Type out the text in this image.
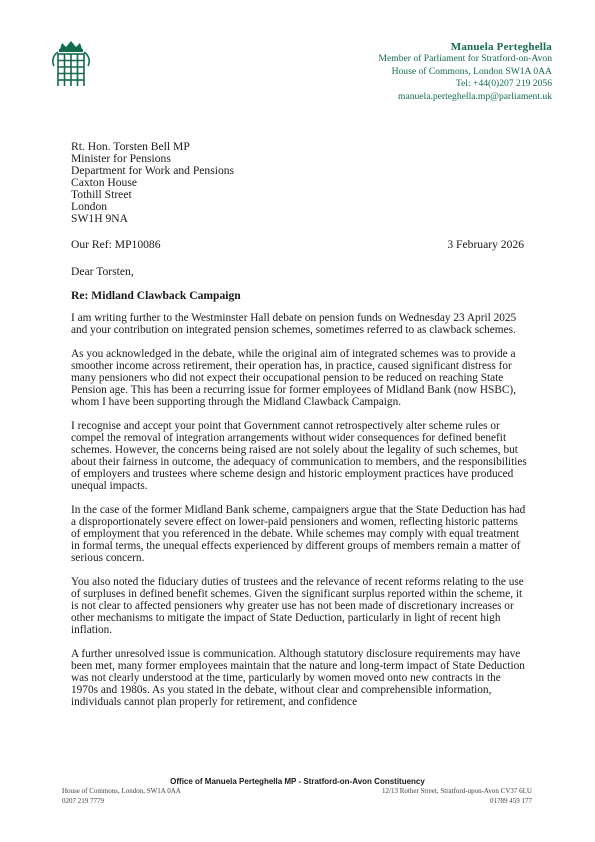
Manuela Perteghella
Member of Parliament for Stratford-on-Avon
House of Commons, London SW1A 0AA
Tel: +44(0)207 219 2056
manuela.perteghella.mp@parliament.uk
Rt. Hon. Torsten Bell MP
Minister for Pensions
Department for Work and Pensions
Caxton House
Tothill Street
London
SW1H 9NA
Our Ref: MP10086	3 February 2026
Dear Torsten,
Re: Midland Clawback Campaign

I am writing further to the Westminster Hall debate on pension funds on Wednesday 23 April 2025 and your contribution on integrated pension schemes, sometimes referred to as clawback schemes.

As you acknowledged in the debate, while the original aim of integrated schemes was to provide a smoother income across retirement, their operation has, in practice, caused significant distress for many pensioners who did not expect their occupational pension to be reduced on reaching State Pension age. This has been a recurring issue for former employees of Midland Bank (now HSBC), whom I have been supporting through the Midland Clawback Campaign.

I recognise and accept your point that Government cannot retrospectively alter scheme rules or compel the removal of integration arrangements without wider consequences for defined benefit schemes. However, the concerns being raised are not solely about the legality of such schemes, but about their fairness in outcome, the adequacy of communication to members, and the responsibilities of employers and trustees where scheme design and historic employment practices have produced unequal impacts.

In the case of the former Midland Bank scheme, campaigners argue that the State Deduction has had a disproportionately severe effect on lower-paid pensioners and women, reflecting historic patterns of employment that you referenced in the debate. While schemes may comply with equal treatment in formal terms, the unequal effects experienced by different groups of members remain a matter of serious concern.

You also noted the fiduciary duties of trustees and the relevance of recent reforms relating to the use of surpluses in defined benefit schemes. Given the significant surplus reported within the scheme, it is not clear to affected pensioners why greater use has not been made of discretionary increases or other mechanisms to mitigate the impact of State Deduction, particularly in light of recent high inflation.

A further unresolved issue is communication. Although statutory disclosure requirements may have been met, many former employees maintain that the nature and long-term impact of State Deduction was not clearly understood at the time, particularly by women moved onto new contracts in the 1970s and 1980s. As you stated in the debate, without clear and comprehensible information, individuals cannot plan properly for retirement, and confidence

Office of Manuela Perteghella MP - Stratford-on-Avon Constituency
House of Commons, London, SW1A 0AA	12/13 Rother Street, Stratford-upon-Avon CV37 6LU
0207 219 7779	01789 459 177
